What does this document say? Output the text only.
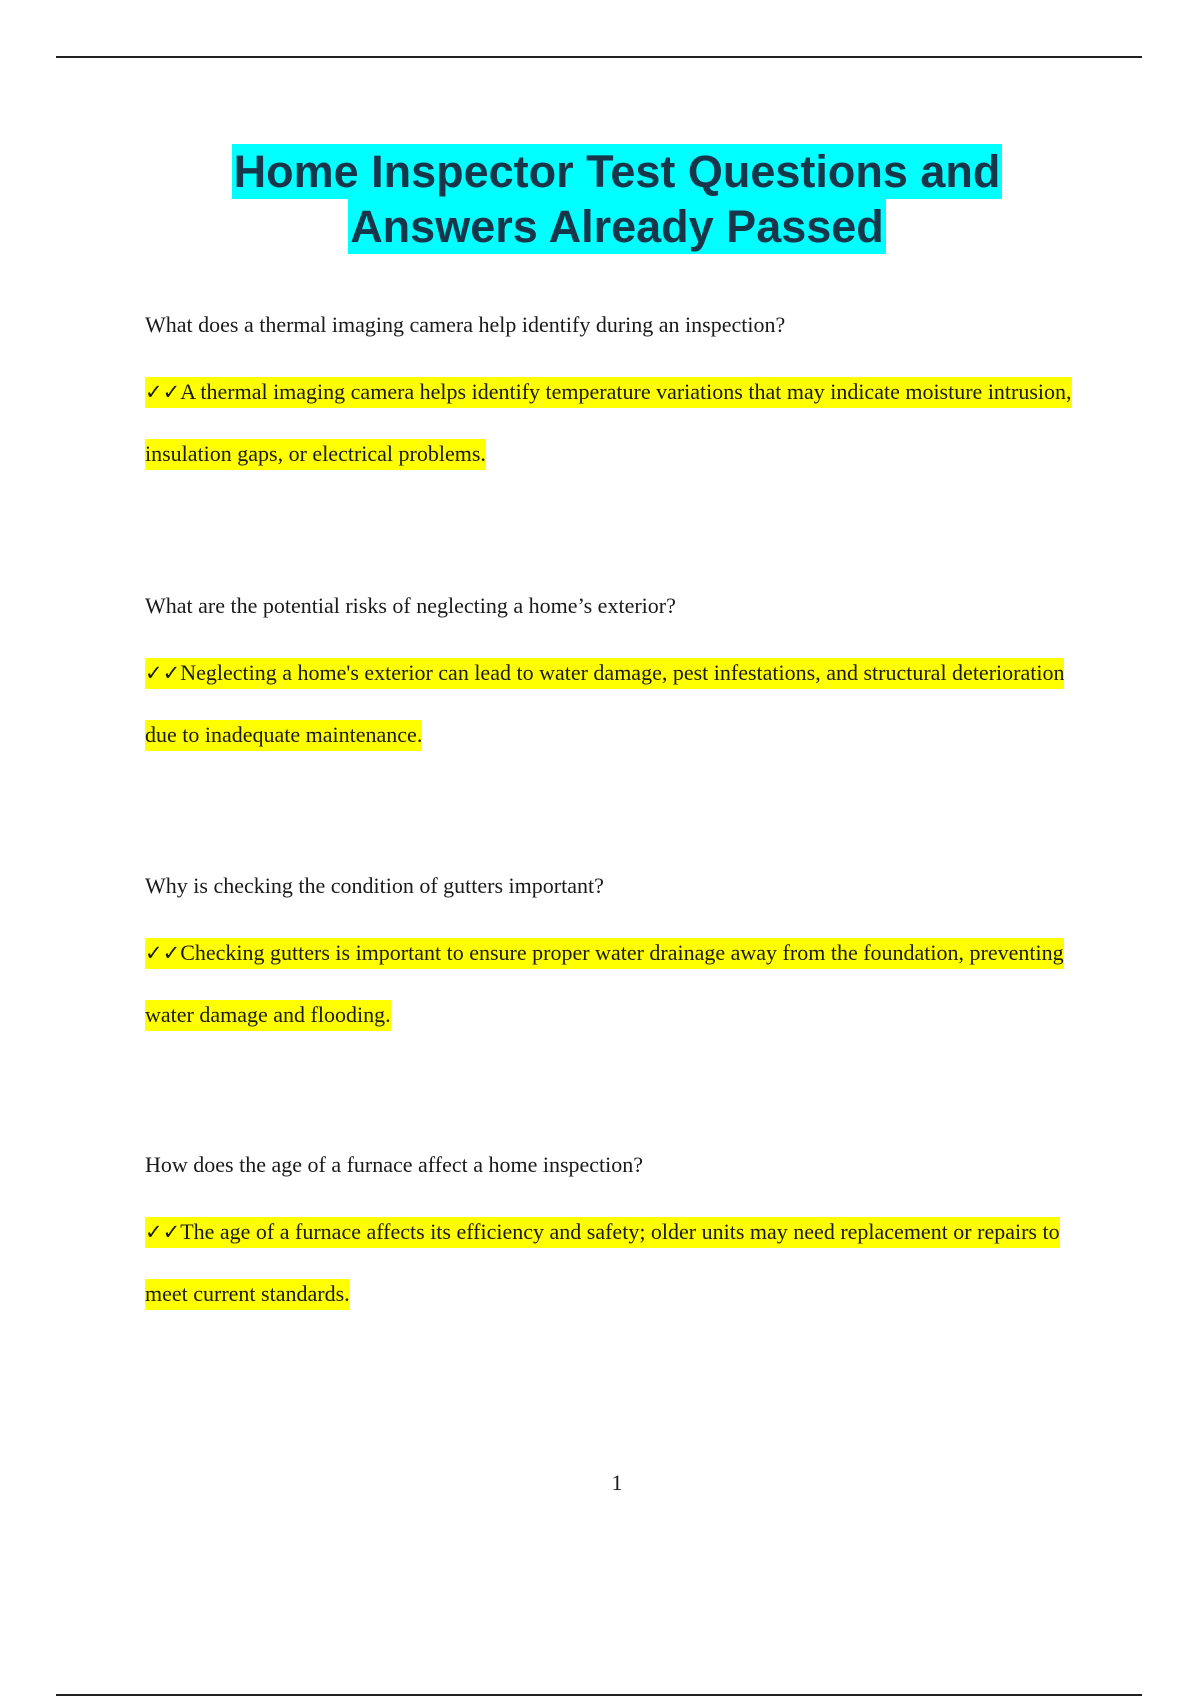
Home Inspector Test Questions and
Answers Already Passed

What does a thermal imaging camera help identify during an inspection?

✓✓A thermal imaging camera helps identify temperature variations that may indicate moisture intrusion, insulation gaps, or electrical problems.

What are the potential risks of neglecting a home’s exterior?

✓✓Neglecting a home's exterior can lead to water damage, pest infestations, and structural deterioration due to inadequate maintenance.

Why is checking the condition of gutters important?

✓✓Checking gutters is important to ensure proper water drainage away from the foundation, preventing water damage and flooding.

How does the age of a furnace affect a home inspection?

✓✓The age of a furnace affects its efficiency and safety; older units may need replacement or repairs to meet current standards.
1
